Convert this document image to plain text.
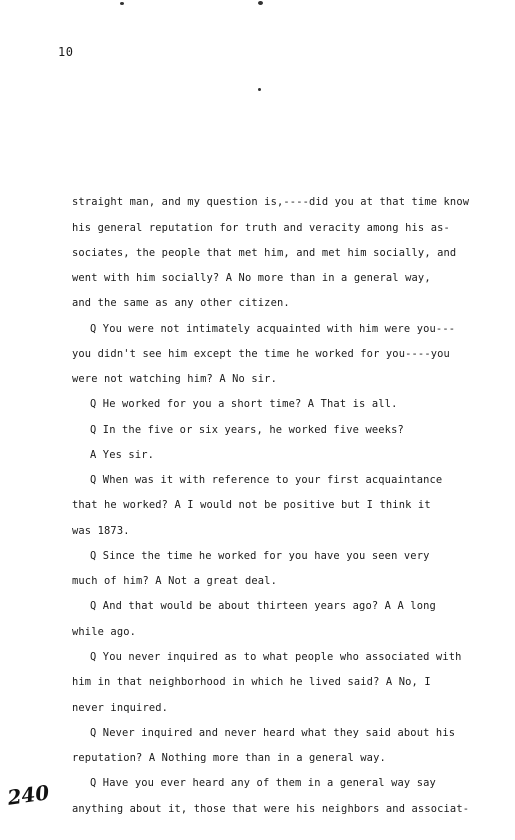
10
straight man, and my question is,----did you at that time know
his general reputation for truth and veracity among his as-
sociates, the people that met him, and met him socially, and
went with him socially? A No more than in a general way,
and the same as any other citizen.
Q You were not intimately acquainted with him were you---
you didn't see him except the time he worked for you----you
were not watching him? A No sir.
Q He worked for you a short time? A That is all.
Q In the five or six years, he worked five weeks?
A Yes sir.
Q When was it with reference to your first acquaintance
that he worked? A I would not be positive but I think it
was 1873.
Q Since the time he worked for you have you seen very
much of him? A Not a great deal.
Q And that would be about thirteen years ago? A A long
while ago.
Q You never inquired as to what people who associated with
him in that neighborhood in which he lived said? A No, I
never inquired.
Q Never inquired and never heard what they said about his
reputation? A Nothing more than in a general way.
Q Have you ever heard any of them in a general way say
anything about it, those that were his neighbors and associat-
240
